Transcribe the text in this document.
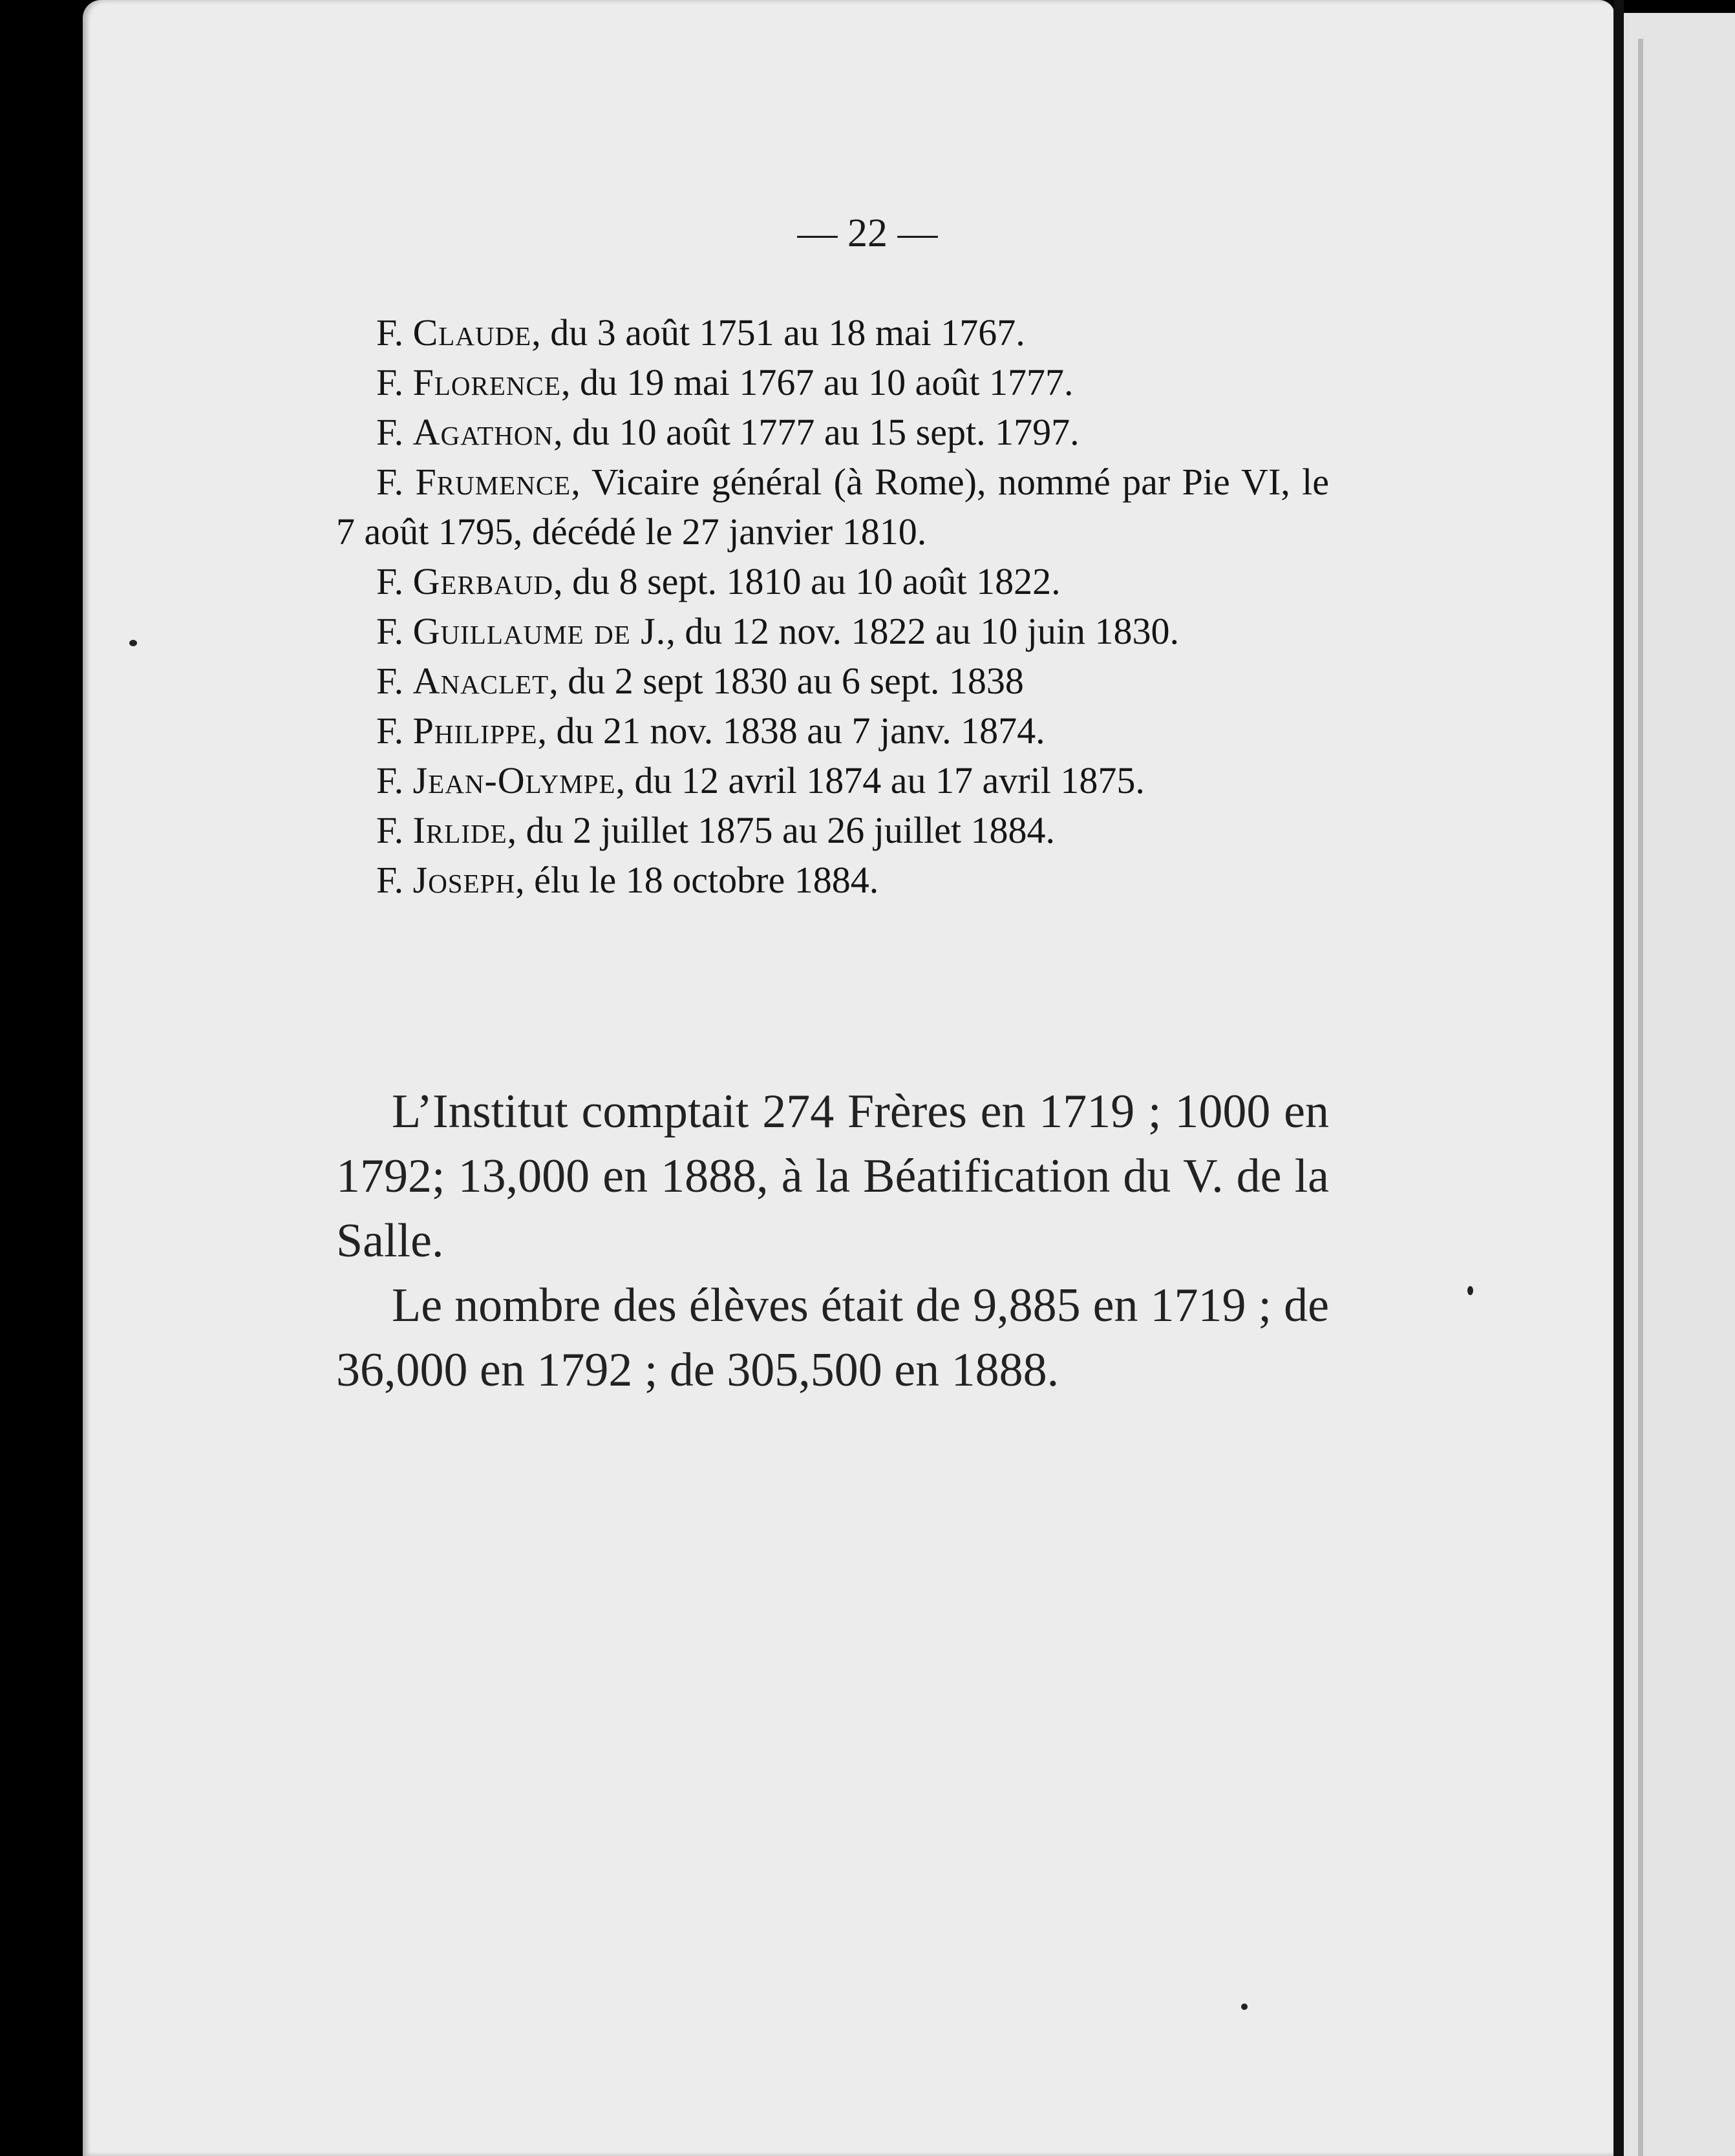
— 22 —

F. Claude, du 3 août 1751 au 18 mai 1767.

F. Florence, du 19 mai 1767 au 10 août 1777.

F. Agathon, du 10 août 1777 au 15 sept. 1797.

F. Frumence, Vicaire général (à Rome), nommé par Pie VI, le 7 août 1795, décédé le 27 janvier 1810.

F. Gerbaud, du 8 sept. 1810 au 10 août 1822.

F. Guillaume de J., du 12 nov. 1822 au 10 juin 1830.

F. Anaclet, du 2 sept 1830 au 6 sept. 1838

F. Philippe, du 21 nov. 1838 au 7 janv. 1874.

F. Jean-Olympe, du 12 avril 1874 au 17 avril 1875.

F. Irlide, du 2 juillet 1875 au 26 juillet 1884.

F. Joseph, élu le 18 octobre 1884.

L’Institut comptait 274 Frères en 1719 ; 1000 en 1792; 13,000 en 1888, à la Béatification du V. de la Salle.

Le nombre des élèves était de 9,885 en 1719 ; de 36,000 en 1792 ; de 305,500 en 1888.
